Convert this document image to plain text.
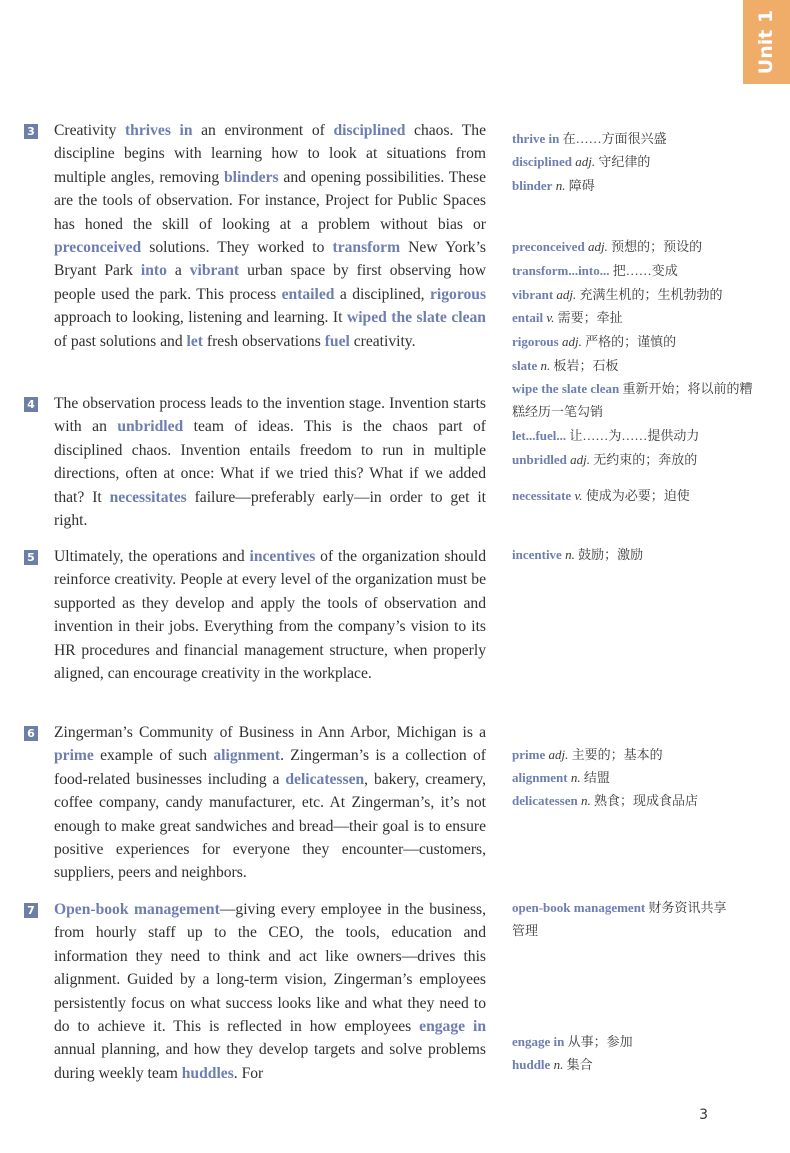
Unit 1
3 Creativity thrives in an environment of disciplined chaos. The discipline begins with learning how to look at situations from multiple angles, removing blinders and opening possibilities. These are the tools of observation. For instance, Project for Public Spaces has honed the skill of looking at a problem without bias or preconceived solutions. They worked to transform New York’s Bryant Park into a vibrant urban space by first observing how people used the park. This process entailed a disciplined, rigorous approach to looking, listening and learning. It wiped the slate clean of past solutions and let fresh observations fuel creativity.

4 The observation process leads to the invention stage. Invention starts with an unbridled team of ideas. This is the chaos part of disciplined chaos. Invention entails freedom to run in multiple directions, often at once: What if we tried this? What if we added that? It necessitates failure—preferably early—in order to get it right.

5 Ultimately, the operations and incentives of the organization should reinforce creativity. People at every level of the organization must be supported as they develop and apply the tools of observation and invention in their jobs. Everything from the company’s vision to its HR procedures and financial management structure, when properly aligned, can encourage creativity in the workplace.

6 Zingerman’s Community of Business in Ann Arbor, Michigan is a prime example of such alignment. Zingerman’s is a collection of food-related businesses including a delicatessen, bakery, creamery, coffee company, candy manufacturer, etc. At Zingerman’s, it’s not enough to make great sandwiches and bread—their goal is to ensure positive experiences for everyone they encounter—customers, suppliers, peers and neighbors.

7 Open-book management—giving every employee in the business, from hourly staff up to the CEO, the tools, education and information they need to think and act like owners—drives this alignment. Guided by a long-term vision, Zingerman’s employees persistently focus on what success looks like and what they need to do to achieve it. This is reflected in how employees engage in annual planning, and how they develop targets and solve problems during weekly team huddles. For

thrive in 在……方面很兴盛
disciplined adj. 守纪律的
blinder n. 障碍
preconceived adj. 预想的；预设的
transform...into... 把……变成
vibrant adj. 充满生机的；生机勃勃的
entail v. 需要；牵扯
rigorous adj. 严格的；谨慎的
slate n. 板岩；石板
wipe the slate clean 重新开始；将以前的糟糕经历一笔勾销
let...fuel... 让……为……提供动力
unbridled adj. 无约束的；奔放的
necessitate v. 使成为必要；迫使
incentive n. 鼓励；激励
prime adj. 主要的；基本的
alignment n. 结盟
delicatessen n. 熟食；现成食品店
open-book management 财务资讯共享管理
engage in 从事；参加
huddle n. 集合
3
